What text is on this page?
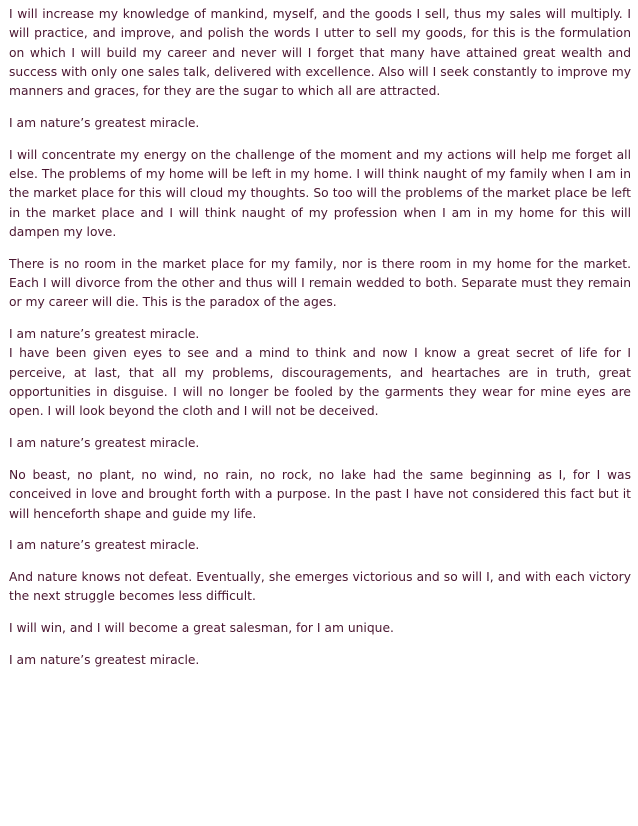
I will increase my knowledge of mankind, myself, and the goods I sell, thus my sales will multiply. I will practice, and improve, and polish the words I utter to sell my goods, for this is the formulation on which I will build my career and never will I forget that many have attained great wealth and success with only one sales talk, delivered with excellence. Also will I seek constantly to improve my manners and graces, for they are the sugar to which all are attracted.

I am nature’s greatest miracle.

I will concentrate my energy on the challenge of the moment and my actions will help me forget all else. The problems of my home will be left in my home. I will think naught of my family when I am in the market place for this will cloud my thoughts. So too will the problems of the market place be left in the market place and I will think naught of my profession when I am in my home for this will dampen my love.

There is no room in the market place for my family, nor is there room in my home for the market. Each I will divorce from the other and thus will I remain wedded to both. Separate must they remain or my career will die. This is the paradox of the ages.

I am nature’s greatest miracle.

I have been given eyes to see and a mind to think and now I know a great secret of life for I perceive, at last, that all my problems, discouragements, and heartaches are in truth, great opportunities in disguise. I will no longer be fooled by the garments they wear for mine eyes are open. I will look beyond the cloth and I will not be deceived.

I am nature’s greatest miracle.

No beast, no plant, no wind, no rain, no rock, no lake had the same beginning as I, for I was conceived in love and brought forth with a purpose. In the past I have not considered this fact but it will henceforth shape and guide my life.

I am nature’s greatest miracle.

And nature knows not defeat. Eventually, she emerges victorious and so will I, and with each victory the next struggle becomes less difficult.

I will win, and I will become a great salesman, for I am unique.

I am nature’s greatest miracle.
